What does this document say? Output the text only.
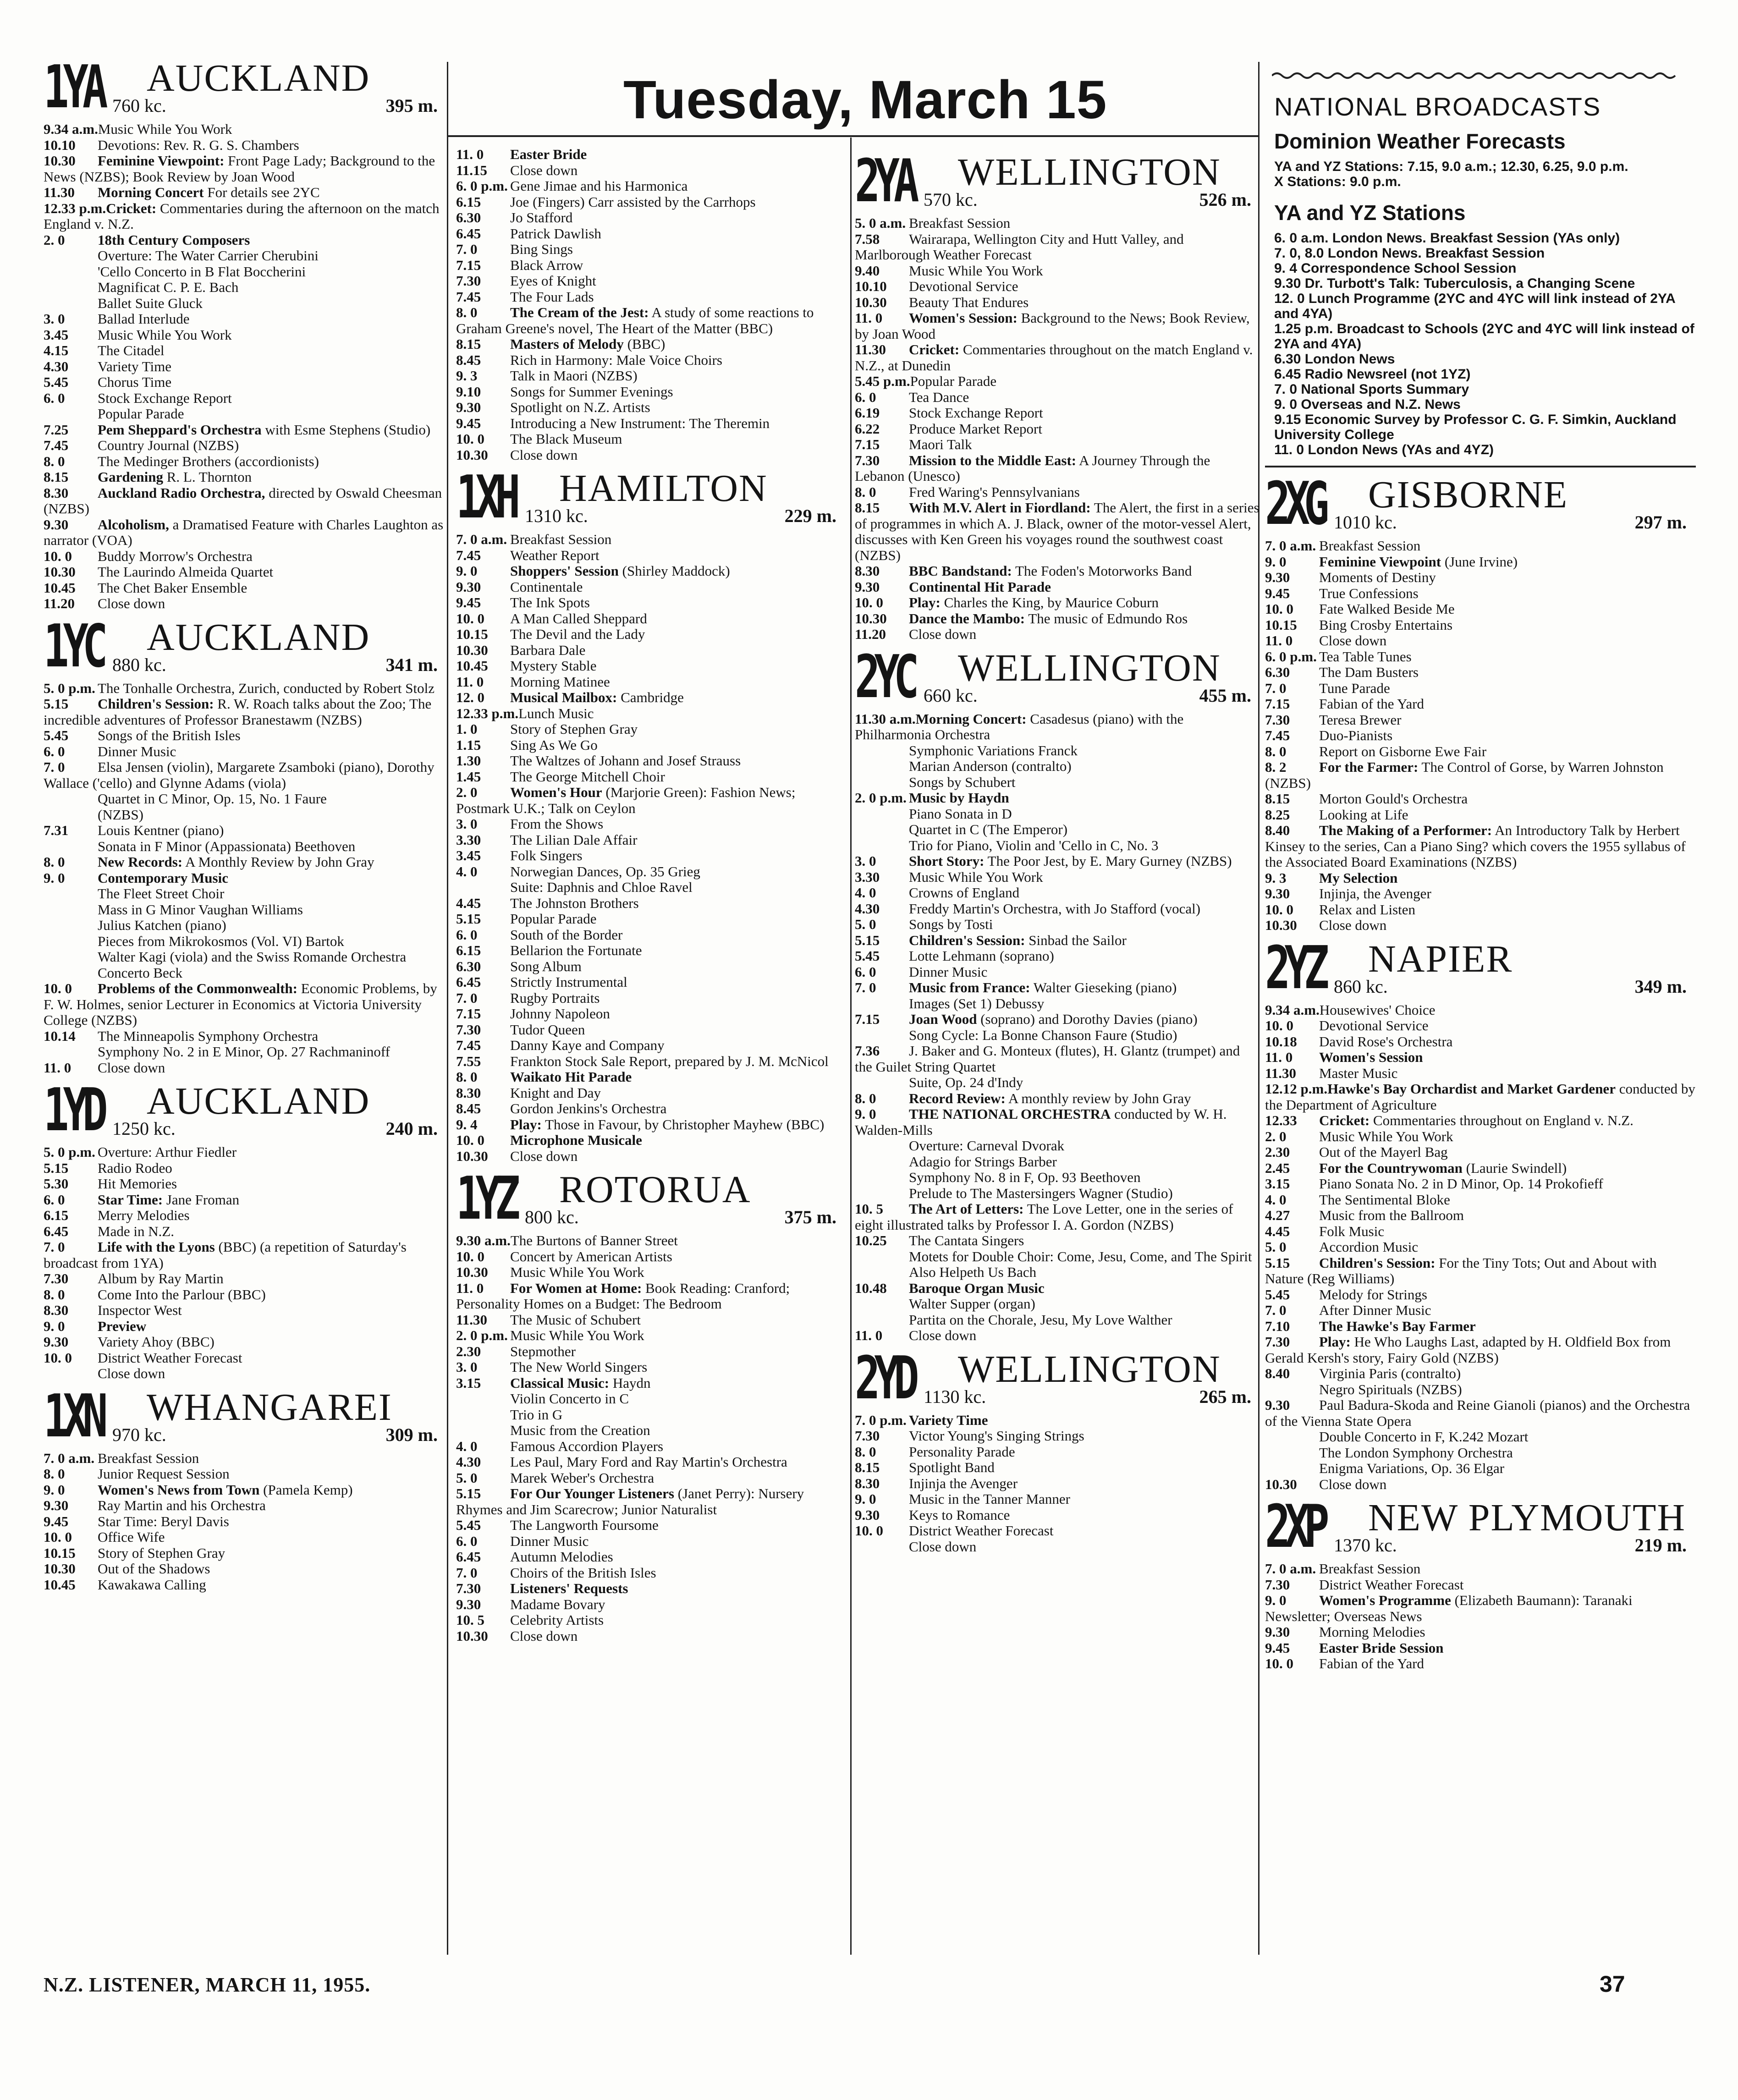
Tuesday, March 15
1YA AUCKLAND
760 kc.	395 m.
9.34 a.m.Music While You Work
10.10 Devotions: Rev. R. G. S. Chambers
10.30 Feminine Viewpoint: Front Page Lady; Background to the News (NZBS); Book Review by Joan Wood
11.30 Morning Concert For details see 2YC
12.33 p.m.Cricket: Commentaries during the afternoon on the match England v. N.Z.
2. 0 18th Century Composers
Overture: The Water Carrier Cherubini
'Cello Concerto in B Flat Boccherini
Magnificat C. P. E. Bach
Ballet Suite Gluck
3. 0 Ballad Interlude
3.45 Music While You Work
4.15 The Citadel
4.30 Variety Time
5.45 Chorus Time
6. 0 Stock Exchange Report
Popular Parade
7.25 Pem Sheppard's Orchestra with Esme Stephens (Studio)
7.45 Country Journal (NZBS)
8. 0 The Medinger Brothers (accordionists)
8.15 Gardening R. L. Thornton
8.30 Auckland Radio Orchestra, directed by Oswald Cheesman (NZBS)
9.30 Alcoholism, a Dramatised Feature with Charles Laughton as narrator (VOA)
10. 0 Buddy Morrow's Orchestra
10.30 The Laurindo Almeida Quartet
10.45 The Chet Baker Ensemble
11.20 Close down
1YC AUCKLAND
880 kc.	341 m.
5. 0 p.m. The Tonhalle Orchestra, Zurich, conducted by Robert Stolz
5.15 Children's Session: R. W. Roach talks about the Zoo; The incredible adventures of Professor Branestawm (NZBS)
5.45 Songs of the British Isles
6. 0 Dinner Music
7. 0 Elsa Jensen (violin), Margarete Zsamboki (piano), Dorothy Wallace ('cello) and Glynne Adams (viola)
Quartet in C Minor, Op. 15, No. 1 Faure
(NZBS)
7.31 Louis Kentner (piano)
Sonata in F Minor (Appassionata) Beethoven
8. 0 New Records: A Monthly Review by John Gray
9. 0 Contemporary Music
The Fleet Street Choir
Mass in G Minor Vaughan Williams
Julius Katchen (piano)
Pieces from Mikrokosmos (Vol. VI) Bartok
Walter Kagi (viola) and the Swiss Romande Orchestra
Concerto Beck
10. 0 Problems of the Commonwealth: Economic Problems, by F. W. Holmes, senior Lecturer in Economics at Victoria University College (NZBS)
10.14 The Minneapolis Symphony Orchestra
Symphony No. 2 in E Minor, Op. 27 Rachmaninoff
11. 0 Close down
1YD AUCKLAND
1250 kc.	240 m.
5. 0 p.m. Overture: Arthur Fiedler
5.15 Radio Rodeo
5.30 Hit Memories
6. 0 Star Time: Jane Froman
6.15 Merry Melodies
6.45 Made in N.Z.
7. 0 Life with the Lyons (BBC) (a repetition of Saturday's broadcast from 1YA)
7.30 Album by Ray Martin
8. 0 Come Into the Parlour (BBC)
8.30 Inspector West
9. 0 Preview
9.30 Variety Ahoy (BBC)
10. 0 District Weather Forecast
Close down
1XN WHANGAREI
970 kc.	309 m.
7. 0 a.m. Breakfast Session
8. 0 Junior Request Session
9. 0 Women's News from Town (Pamela Kemp)
9.30 Ray Martin and his Orchestra
9.45 Star Time: Beryl Davis
10. 0 Office Wife
10.15 Story of Stephen Gray
10.30 Out of the Shadows
10.45 Kawakawa Calling
11. 0 Easter Bride
11.15 Close down
6. 0 p.m. Gene Jimae and his Harmonica
6.15 Joe (Fingers) Carr assisted by the Carrhops
6.30 Jo Stafford
6.45 Patrick Dawlish
7. 0 Bing Sings
7.15 Black Arrow
7.30 Eyes of Knight
7.45 The Four Lads
8. 0 The Cream of the Jest: A study of some reactions to Graham Greene's novel, The Heart of the Matter (BBC)
8.15 Masters of Melody (BBC)
8.45 Rich in Harmony: Male Voice Choirs
9. 3 Talk in Maori (NZBS)
9.10 Songs for Summer Evenings
9.30 Spotlight on N.Z. Artists
9.45 Introducing a New Instrument: The Theremin
10. 0 The Black Museum
10.30 Close down
1XH HAMILTON
1310 kc.	229 m.
7. 0 a.m. Breakfast Session
7.45 Weather Report
9. 0 Shoppers' Session (Shirley Maddock)
9.30 Continentale
9.45 The Ink Spots
10. 0 A Man Called Sheppard
10.15 The Devil and the Lady
10.30 Barbara Dale
10.45 Mystery Stable
11. 0 Morning Matinee
12. 0 Musical Mailbox: Cambridge
12.33 p.m.Lunch Music
1. 0 Story of Stephen Gray
1.15 Sing As We Go
1.30 The Waltzes of Johann and Josef Strauss
1.45 The George Mitchell Choir
2. 0 Women's Hour (Marjorie Green): Fashion News; Postmark U.K.; Talk on Ceylon
3. 0 From the Shows
3.30 The Lilian Dale Affair
3.45 Folk Singers
4. 0 Norwegian Dances, Op. 35 Grieg
Suite: Daphnis and Chloe Ravel
4.45 The Johnston Brothers
5.15 Popular Parade
6. 0 South of the Border
6.15 Bellarion the Fortunate
6.30 Song Album
6.45 Strictly Instrumental
7. 0 Rugby Portraits
7.15 Johnny Napoleon
7.30 Tudor Queen
7.45 Danny Kaye and Company
7.55 Frankton Stock Sale Report, prepared by J. M. McNicol
8. 0 Waikato Hit Parade
8.30 Knight and Day
8.45 Gordon Jenkins's Orchestra
9. 4 Play: Those in Favour, by Christopher Mayhew (BBC)
10. 0 Microphone Musicale
10.30 Close down
1YZ ROTORUA
800 kc.	375 m.
9.30 a.m.The Burtons of Banner Street
10. 0 Concert by American Artists
10.30 Music While You Work
11. 0 For Women at Home: Book Reading: Cranford; Personality Homes on a Budget: The Bedroom
11.30 The Music of Schubert
2. 0 p.m. Music While You Work
2.30 Stepmother
3. 0 The New World Singers
3.15 Classical Music: Haydn
Violin Concerto in C
Trio in G
Music from the Creation
4. 0 Famous Accordion Players
4.30 Les Paul, Mary Ford and Ray Martin's Orchestra
5. 0 Marek Weber's Orchestra
5.15 For Our Younger Listeners (Janet Perry): Nursery Rhymes and Jim Scarecrow; Junior Naturalist
5.45 The Langworth Foursome
6. 0 Dinner Music
6.45 Autumn Melodies
7. 0 Choirs of the British Isles
7.30 Listeners' Requests
9.30 Madame Bovary
10. 5 Celebrity Artists
10.30 Close down
2YA WELLINGTON
570 kc.	526 m.
5. 0 a.m. Breakfast Session
7.58 Wairarapa, Wellington City and Hutt Valley, and Marlborough Weather Forecast
9.40 Music While You Work
10.10 Devotional Service
10.30 Beauty That Endures
11. 0 Women's Session: Background to the News; Book Review, by Joan Wood
11.30 Cricket: Commentaries throughout on the match England v. N.Z., at Dunedin
5.45 p.m.Popular Parade
6. 0 Tea Dance
6.19 Stock Exchange Report
6.22 Produce Market Report
7.15 Maori Talk
7.30 Mission to the Middle East: A Journey Through the Lebanon (Unesco)
8. 0 Fred Waring's Pennsylvanians
8.15 With M.V. Alert in Fiordland: The Alert, the first in a series of programmes in which A. J. Black, owner of the motor-vessel Alert, discusses with Ken Green his voyages round the southwest coast (NZBS)
8.30 BBC Bandstand: The Foden's Motorworks Band
9.30 Continental Hit Parade
10. 0 Play: Charles the King, by Maurice Coburn
10.30 Dance the Mambo: The music of Edmundo Ros
11.20 Close down
2YC WELLINGTON
660 kc.	455 m.
11.30 a.m.Morning Concert: Casadesus (piano) with the Philharmonia Orchestra
Symphonic Variations Franck
Marian Anderson (contralto)
Songs by Schubert
2. 0 p.m. Music by Haydn
Piano Sonata in D
Quartet in C (The Emperor)
Trio for Piano, Violin and 'Cello in C, No. 3
3. 0 Short Story: The Poor Jest, by E. Mary Gurney (NZBS)
3.30 Music While You Work
4. 0 Crowns of England
4.30 Freddy Martin's Orchestra, with Jo Stafford (vocal)
5. 0 Songs by Tosti
5.15 Children's Session: Sinbad the Sailor
5.45 Lotte Lehmann (soprano)
6. 0 Dinner Music
7. 0 Music from France: Walter Gieseking (piano)
Images (Set 1) Debussy
7.15 Joan Wood (soprano) and Dorothy Davies (piano)
Song Cycle: La Bonne Chanson Faure (Studio)
7.36 J. Baker and G. Monteux (flutes), H. Glantz (trumpet) and the Guilet String Quartet
Suite, Op. 24 d'Indy
8. 0 Record Review: A monthly review by John Gray
9. 0 THE NATIONAL ORCHESTRA conducted by W. H. Walden-Mills
Overture: Carneval Dvorak
Adagio for Strings Barber
Symphony No. 8 in F, Op. 93 Beethoven
Prelude to The Mastersingers Wagner (Studio)
10. 5 The Art of Letters: The Love Letter, one in the series of eight illustrated talks by Professor I. A. Gordon (NZBS)
10.25 The Cantata Singers
Motets for Double Choir: Come, Jesu, Come, and The Spirit Also Helpeth Us Bach
10.48 Baroque Organ Music
Walter Supper (organ)
Partita on the Chorale, Jesu, My Love Walther
11. 0 Close down
2YD WELLINGTON
1130 kc.	265 m.
7. 0 p.m. Variety Time
7.30 Victor Young's Singing Strings
8. 0 Personality Parade
8.15 Spotlight Band
8.30 Injinja the Avenger
9. 0 Music in the Tanner Manner
9.30 Keys to Romance
10. 0 District Weather Forecast
Close down
NATIONAL BROADCASTS
Dominion Weather Forecasts
YA and YZ Stations: 7.15, 9.0 a.m.; 12.30, 6.25, 9.0 p.m.
X Stations: 9.0 p.m.
YA and YZ Stations
6. 0 a.m. London News. Breakfast Session (YAs only)
7. 0, 8.0 London News. Breakfast Session
9. 4 Correspondence School Session
9.30 Dr. Turbott's Talk: Tuberculosis, a Changing Scene
12. 0 Lunch Programme (2YC and 4YC will link instead of 2YA and 4YA)
1.25 p.m. Broadcast to Schools (2YC and 4YC will link instead of 2YA and 4YA)
6.30 London News
6.45 Radio Newsreel (not 1YZ)
7. 0 National Sports Summary
9. 0 Overseas and N.Z. News
9.15 Economic Survey by Professor C. G. F. Simkin, Auckland University College
11. 0 London News (YAs and 4YZ)
2XG GISBORNE
1010 kc.	297 m.
7. 0 a.m. Breakfast Session
9. 0 Feminine Viewpoint (June Irvine)
9.30 Moments of Destiny
9.45 True Confessions
10. 0 Fate Walked Beside Me
10.15 Bing Crosby Entertains
11. 0 Close down
6. 0 p.m. Tea Table Tunes
6.30 The Dam Busters
7. 0 Tune Parade
7.15 Fabian of the Yard
7.30 Teresa Brewer
7.45 Duo-Pianists
8. 0 Report on Gisborne Ewe Fair
8. 2 For the Farmer: The Control of Gorse, by Warren Johnston (NZBS)
8.15 Morton Gould's Orchestra
8.25 Looking at Life
8.40 The Making of a Performer: An Introductory Talk by Herbert Kinsey to the series, Can a Piano Sing? which covers the 1955 syllabus of the Associated Board Examinations (NZBS)
9. 3 My Selection
9.30 Injinja, the Avenger
10. 0 Relax and Listen
10.30 Close down
2YZ NAPIER
860 kc.	349 m.
9.34 a.m.Housewives' Choice
10. 0 Devotional Service
10.18 David Rose's Orchestra
11. 0 Women's Session
11.30 Master Music
12.12 p.m.Hawke's Bay Orchardist and Market Gardener conducted by the Department of Agriculture
12.33 Cricket: Commentaries throughout on England v. N.Z.
2. 0 Music While You Work
2.30 Out of the Mayerl Bag
2.45 For the Countrywoman (Laurie Swindell)
3.15 Piano Sonata No. 2 in D Minor, Op. 14 Prokofieff
4. 0 The Sentimental Bloke
4.27 Music from the Ballroom
4.45 Folk Music
5. 0 Accordion Music
5.15 Children's Session: For the Tiny Tots; Out and About with Nature (Reg Williams)
5.45 Melody for Strings
7. 0 After Dinner Music
7.10 The Hawke's Bay Farmer
7.30 Play: He Who Laughs Last, adapted by H. Oldfield Box from Gerald Kersh's story, Fairy Gold (NZBS)
8.40 Virginia Paris (contralto)
Negro Spirituals (NZBS)
9.30 Paul Badura-Skoda and Reine Gianoli (pianos) and the Orchestra of the Vienna State Opera
Double Concerto in F, K.242 Mozart
The London Symphony Orchestra
Enigma Variations, Op. 36 Elgar
10.30 Close down
2XP NEW PLYMOUTH
1370 kc.	219 m.
7. 0 a.m. Breakfast Session
7.30 District Weather Forecast
9. 0 Women's Programme (Elizabeth Baumann): Taranaki Newsletter; Overseas News
9.30 Morning Melodies
9.45 Easter Bride Session
10. 0 Fabian of the Yard
N.Z. LISTENER, MARCH 11, 1955.	37
